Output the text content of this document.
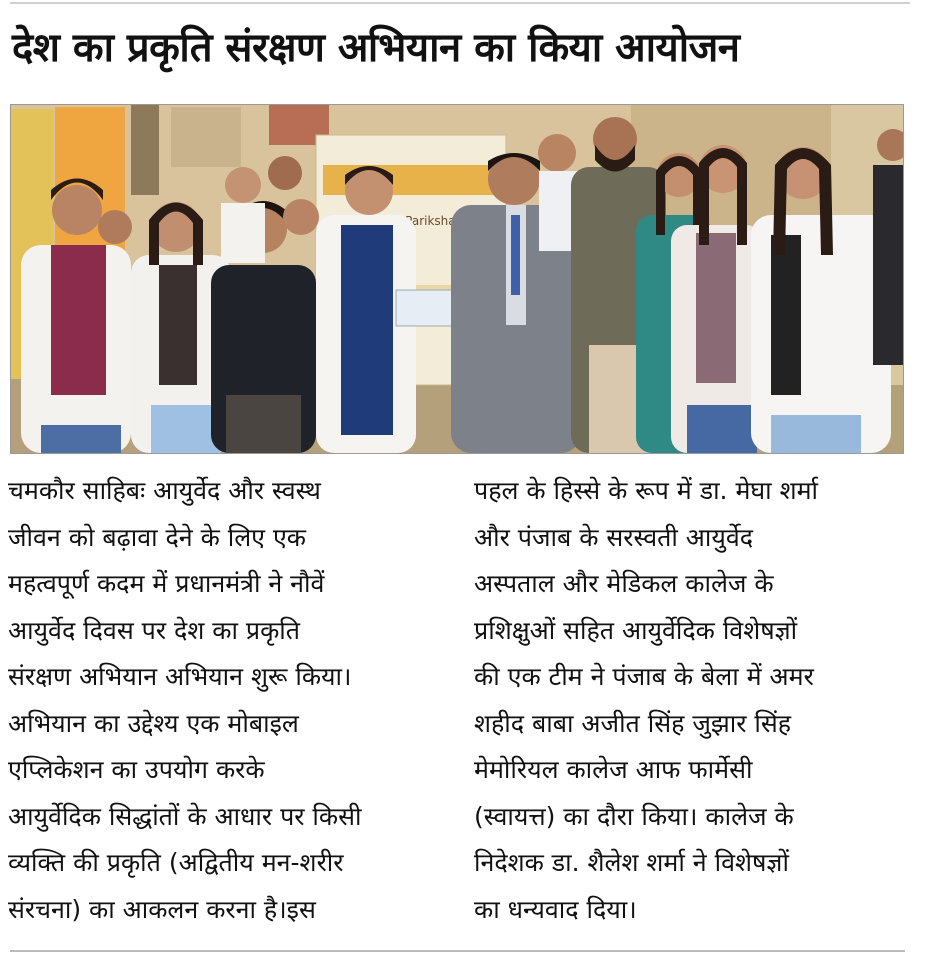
देश का प्रकृति संरक्षण अभियान का किया आयोजन
Parikshan
चमकौर साहिबः आयुर्वेद और स्वस्थ
जीवन को बढ़ावा देने के लिए एक
महत्वपूर्ण कदम में प्रधानमंत्री ने नौवें
आयुर्वेद दिवस पर देश का प्रकृति
संरक्षण अभियान अभियान शुरू किया।
अभियान का उद्देश्य एक मोबाइल
एप्लिकेशन का उपयोग करके
आयुर्वेदिक सिद्धांतों के आधार पर किसी
व्यक्ति की प्रकृति (अद्वितीय मन-शरीर
संरचना) का आकलन करना है।इस
पहल के हिस्से के रूप में डा. मेघा शर्मा
और पंजाब के सरस्वती आयुर्वेद
अस्पताल और मेडिकल कालेज के
प्रशिक्षुओं सहित आयुर्वेदिक विशेषज्ञों
की एक टीम ने पंजाब के बेला में अमर
शहीद बाबा अजीत सिंह जुझार सिंह
मेमोरियल कालेज आफ फार्मेसी
(स्वायत्त) का दौरा किया। कालेज के
निदेशक डा. शैलेश शर्मा ने विशेषज्ञों
का धन्यवाद दिया।
